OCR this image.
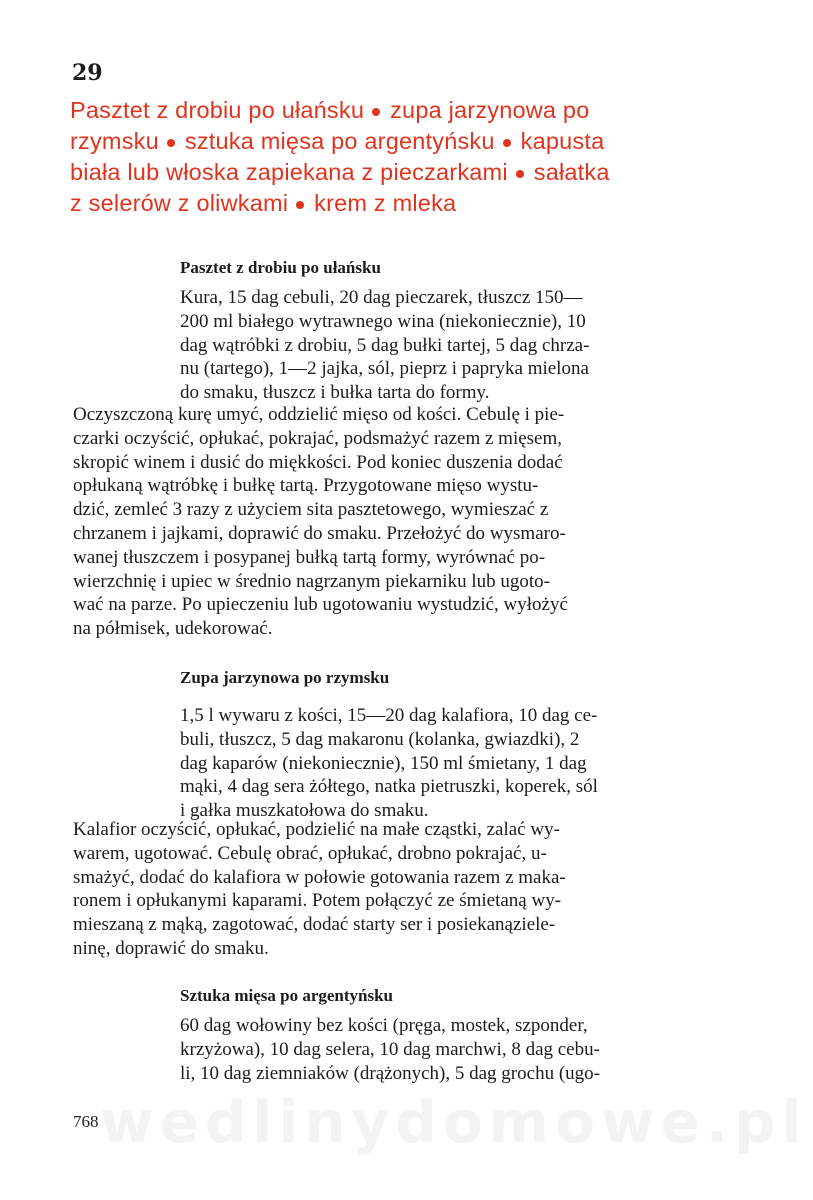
wedlinydomowe.pl

29
Pasztet z drobiu po ułańsku zupa jarzynowa po
rzymsku sztuka mięsa po argentyńsku kapusta
biała lub włoska zapiekana z pieczarkami sałatka
z selerów z oliwkami krem z mleka
Pasztet z drobiu po ułańsku

Kura, 15 dag cebuli, 20 dag pieczarek, tłuszcz 150—
200 ml białego wytrawnego wina (niekoniecznie), 10
dag wątróbki z drobiu, 5 dag bułki tartej, 5 dag chrza-
nu (tartego), 1—2 jajka, sól, pieprz i papryka mielona
do smaku, tłuszcz i bułka tarta do formy.

Oczyszczoną kurę umyć, oddzielić mięso od kości. Cebulę i pie-
czarki oczyścić, opłukać, pokrajać, podsmażyć razem z mięsem,
skropić winem i dusić do miękkości. Pod koniec duszenia dodać
opłukaną wątróbkę i bułkę tartą. Przygotowane mięso wystu-
dzić, zemleć 3 razy z użyciem sita pasztetowego, wymieszać z
chrzanem i jajkami, doprawić do smaku. Przełożyć do wysmaro-
wanej tłuszczem i posypanej bułką tartą formy, wyrównać po-
wierzchnię i upiec w średnio nagrzanym piekarniku lub ugoto-
wać na parze. Po upieczeniu lub ugotowaniu wystudzić, wyłożyć
na półmisek, udekorować.

Zupa jarzynowa po rzymsku

1,5 l wywaru z kości, 15—20 dag kalafiora, 10 dag ce-
buli, tłuszcz, 5 dag makaronu (kolanka, gwiazdki), 2
dag kaparów (niekoniecznie), 150 ml śmietany, 1 dag
mąki, 4 dag sera żółtego, natka pietruszki, koperek, sól
i gałka muszkatołowa do smaku.

Kalafior oczyścić, opłukać, podzielić na małe cząstki, zalać wy-
warem, ugotować. Cebulę obrać, opłukać, drobno pokrajać, u-
smażyć, dodać do kalafiora w połowie gotowania razem z maka-
ronem i opłukanymi kaparami. Potem połączyć ze śmietaną wy-
mieszaną z mąką, zagotować, dodać starty ser i posiekanąziele-
ninę, doprawić do smaku.

Sztuka mięsa po argentyńsku

60 dag wołowiny bez kości (pręga, mostek, szponder,
krzyżowa), 10 dag selera, 10 dag marchwi, 8 dag cebu-
li, 10 dag ziemniaków (drążonych), 5 dag grochu (ugo-

768
